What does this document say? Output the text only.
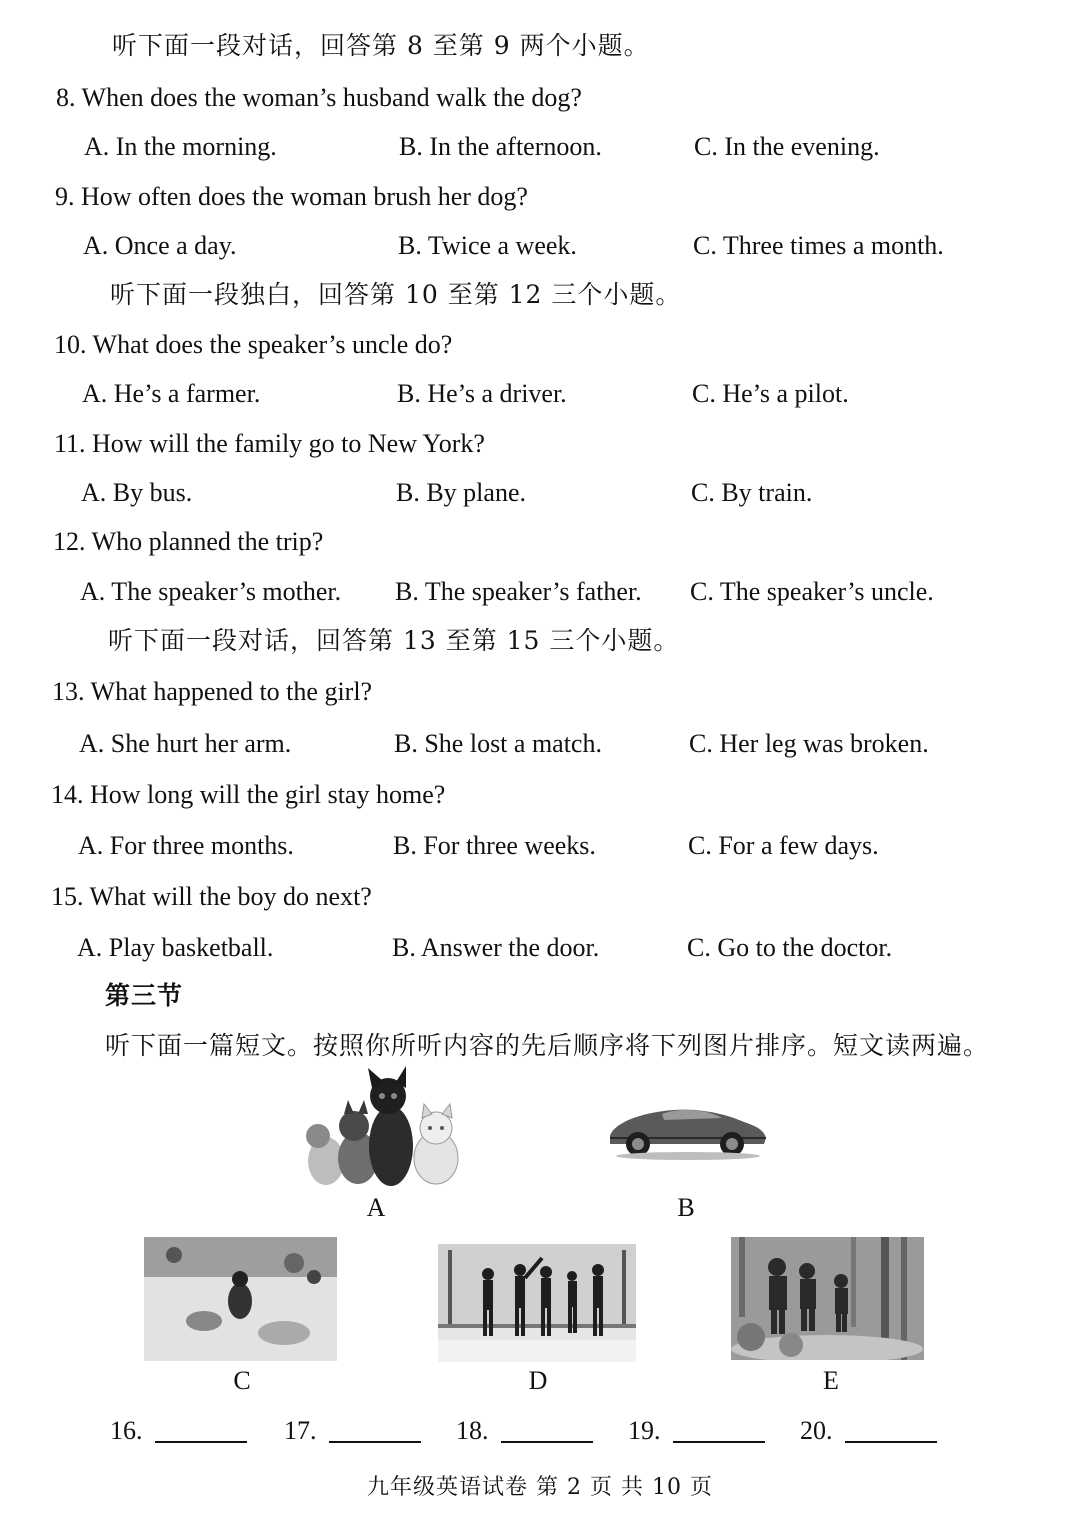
听下面一段对话，回答第 8 至第 9 两个小题。
8. When does the woman’s husband walk the dog?
A. In the morning.	B. In the afternoon.	C. In the evening.
9. How often does the woman brush her dog?
A. Once a day.	B. Twice a week.	C. Three times a month.
听下面一段独白，回答第 10 至第 12 三个小题。
10. What does the speaker’s uncle do?
A. He’s a farmer.	B. He’s a driver.	C. He’s a pilot.
11. How will the family go to New York?
A. By bus.	B. By plane.	C. By train.
12. Who planned the trip?
A. The speaker’s mother. B. The speaker’s father. C. The speaker’s uncle.
听下面一段对话，回答第 13 至第 15 三个小题。
13. What happened to the girl?
A. She hurt her arm.	B. She lost a match.	C. Her leg was broken.
14. How long will the girl stay home?
A. For three months.	B. For three weeks.	C. For a few days.
15. What will the boy do next?
A. Play basketball.	B. Answer the door.	C. Go to the doctor.
第三节
听下面一篇短文。按照你所听内容的先后顺序将下列图片排序。短文读两遍。
A	B
C	D	E
16.	17.	18.	19.	20.
九年级英语试卷 第 2 页 共 10 页
